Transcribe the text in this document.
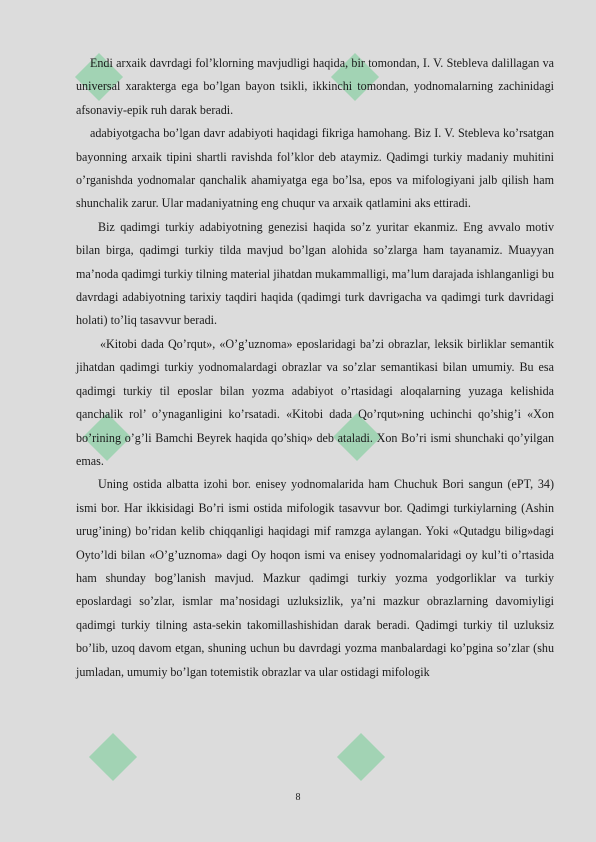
Endi arxaik davrdagi fol’klorning mavjudligi haqida, bir tomondan, I. V. Stebleva dalillagan va universal xarakterga ega bo’lgan bayon tsikli, ikkinchi tomondan, yodnomalarning zachinidagi afsonaviy-epik ruh darak beradi.

adabiyotgacha bo’lgan davr adabiyoti haqidagi fikriga hamohang. Biz I. V. Stebleva ko’rsatgan bayonning arxaik tipini shartli ravishda fol’klor deb ataymiz. Qadimgi turkiy madaniy muhitini o’rganishda yodnomalar qanchalik ahamiyatga ega bo’lsa, epos va mifologiyani jalb qilish ham shunchalik zarur. Ular madaniyatning eng chuqur va arxaik qatlamini aks ettiradi.

Biz qadimgi turkiy adabiyotning genezisi haqida so’z yuritar ekanmiz. Eng avvalo motiv bilan birga, qadimgi turkiy tilda mavjud bo’lgan alohida so’zlarga ham tayanamiz. Muayyan ma’noda qadimgi turkiy tilning material jihatdan mukammalligi, ma’lum darajada ishlanganligi bu davrdagi adabiyotning tarixiy taqdiri haqida (qadimgi turk davrigacha va qadimgi turk davridagi holati) to’liq tasavvur beradi.

«Kitobi dada Qo’rqut», «O’g’uznoma» eposlaridagi ba’zi obrazlar, leksik birliklar semantik jihatdan qadimgi turkiy yodnomalardagi obrazlar va so’zlar semantikasi bilan umumiy. Bu esa qadimgi turkiy til eposlar bilan yozma adabiyot o’rtasidagi aloqalarning yuzaga kelishida qanchalik rol’ o’ynaganligini ko’rsatadi. «Kitobi dada Qo’rqut»ning uchinchi qo’shig’i «Xon bo’rining o’g’li Bamchi Beyrek haqida qo’shiq» deb ataladi. Xon Bo’ri ismi shunchaki qo’yilgan emas.

Uning ostida albatta izohi bor. enisey yodnomalarida ham Chuchuk Bori sangun (ePT, 34) ismi bor. Har ikkisidagi Bo’ri ismi ostida mifologik tasavvur bor. Qadimgi turkiylarning (Ashin urug’ining) bo’ridan kelib chiqqanligi haqidagi mif ramzga aylangan. Yoki «Qutadgu bilig»dagi Oyto’ldi bilan «O’g’uznoma» dagi Oy hoqon ismi va enisey yodnomalaridagi oy kul’ti o’rtasida ham shunday bog’lanish mavjud. Mazkur qadimgi turkiy yozma yodgorliklar va turkiy eposlardagi so’zlar, ismlar ma’nosidagi uzluksizlik, ya’ni mazkur obrazlarning davomiyligi qadimgi turkiy tilning asta-sekin takomillashishidan darak beradi. Qadimgi turkiy til uzluksiz bo’lib, uzoq davom etgan, shuning uchun bu davrdagi yozma manbalardagi ko’pgina so’zlar (shu jumladan, umumiy bo’lgan totemistik obrazlar va ular ostidagi mifologik

8
